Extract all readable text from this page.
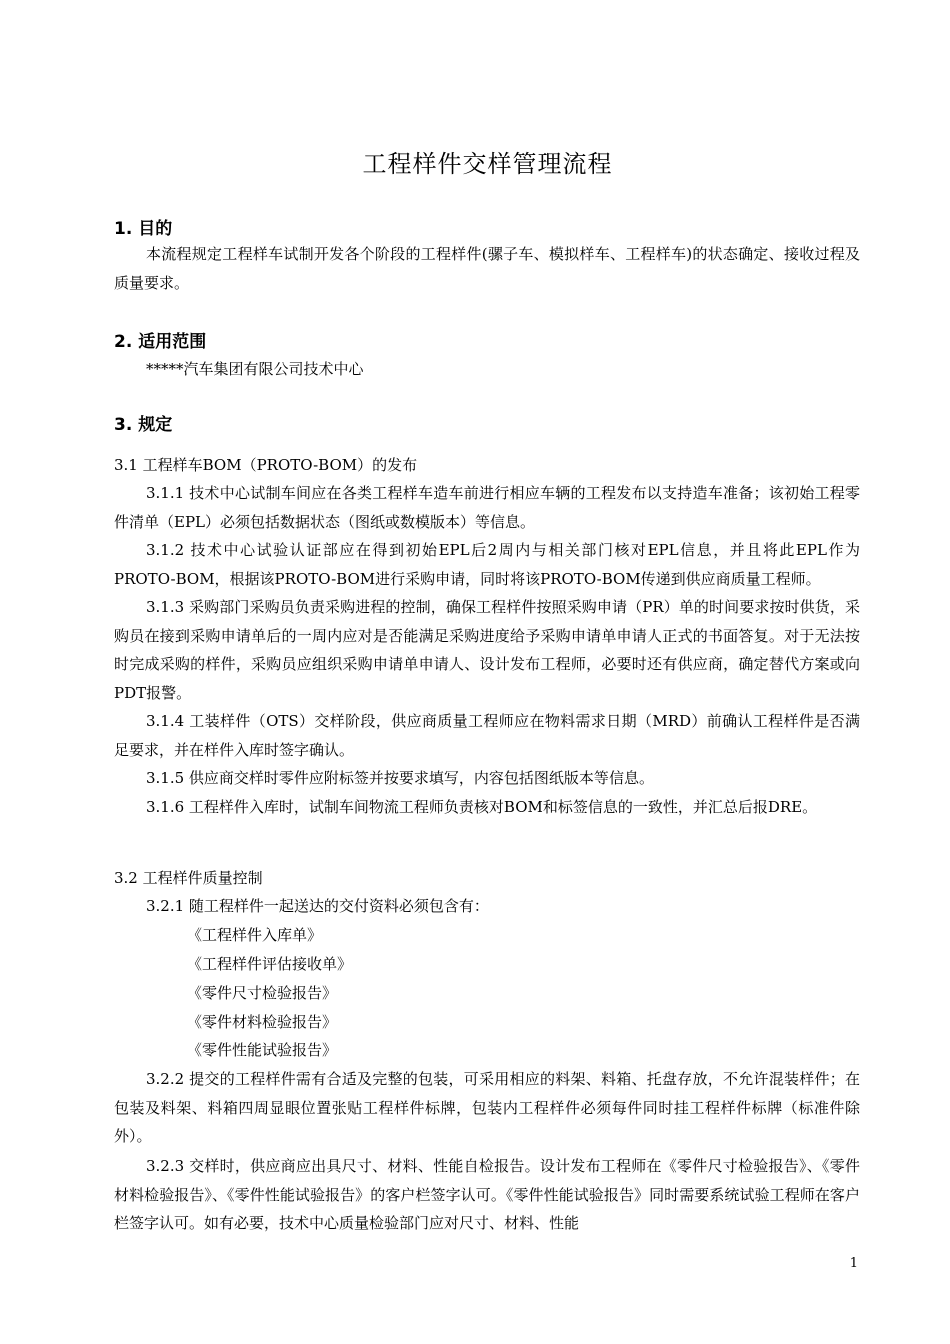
工程样件交样管理流程
1. 目的
本流程规定工程样车试制开发各个阶段的工程样件(骡子车、模拟样车、工程样车)的状态确定、接收过程及质量要求。
2. 适用范围
*****汽车集团有限公司技术中心
3. 规定
3.1 工程样车BOM（PROTO-BOM）的发布
3.1.1 技术中心试制车间应在各类工程样车造车前进行相应车辆的工程发布以支持造车准备；该初始工程零件清单（EPL）必须包括数据状态（图纸或数模版本）等信息。
3.1.2 技术中心试验认证部应在得到初始EPL后2周内与相关部门核对EPL信息，并且将此EPL作为PROTO-BOM，根据该PROTO-BOM进行采购申请，同时将该PROTO-BOM传递到供应商质量工程师。
3.1.3 采购部门采购员负责采购进程的控制，确保工程样件按照采购申请（PR）单的时间要求按时供货，采购员在接到采购申请单后的一周内应对是否能满足采购进度给予采购申请单申请人正式的书面答复。对于无法按时完成采购的样件，采购员应组织采购申请单申请人、设计发布工程师，必要时还有供应商，确定替代方案或向PDT报警。
3.1.4 工装样件（OTS）交样阶段，供应商质量工程师应在物料需求日期（MRD）前确认工程样件是否满足要求，并在样件入库时签字确认。
3.1.5 供应商交样时零件应附标签并按要求填写，内容包括图纸版本等信息。
3.1.6 工程样件入库时，试制车间物流工程师负责核对BOM和标签信息的一致性，并汇总后报DRE。
3.2 工程样件质量控制
3.2.1 随工程样件一起送达的交付资料必须包含有：
《工程样件入库单》
《工程样件评估接收单》
《零件尺寸检验报告》
《零件材料检验报告》
《零件性能试验报告》
3.2.2 提交的工程样件需有合适及完整的包装，可采用相应的料架、料箱、托盘存放，不允许混装样件；在包装及料架、料箱四周显眼位置张贴工程样件标牌，包装内工程样件必须每件同时挂工程样件标牌（标准件除外）。
3.2.3 交样时，供应商应出具尺寸、材料、性能自检报告。设计发布工程师在《零件尺寸检验报告》、《零件材料检验报告》、《零件性能试验报告》的客户栏签字认可。《零件性能试验报告》同时需要系统试验工程师在客户栏签字认可。如有必要，技术中心质量检验部门应对尺寸、材料、性能
1
